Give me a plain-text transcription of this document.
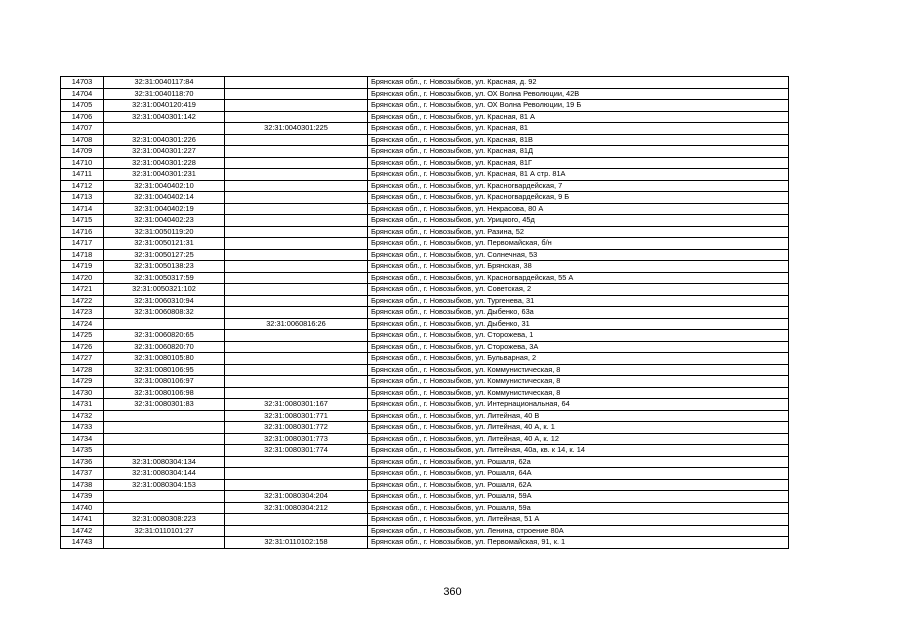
14703	32:31:0040117:84		Брянская обл., г. Новозыбков, ул. Красная, д. 92
14704	32:31:0040118:70		Брянская обл., г. Новозыбков, ул. ОХ Волна Революции, 42В
14705	32:31:0040120:419		Брянская обл., г. Новозыбков, ул. ОХ Волна Революции, 19 Б
14706	32:31:0040301:142		Брянская обл., г. Новозыбков, ул. Красная, 81 А
14707		32:31:0040301:225	Брянская обл., г. Новозыбков, ул. Красная, 81
14708	32:31:0040301:226		Брянская обл., г. Новозыбков, ул. Красная, 81В
14709	32:31:0040301:227		Брянская обл., г. Новозыбков, ул. Красная, 81Д
14710	32:31:0040301:228		Брянская обл., г. Новозыбков, ул. Красная, 81Г
14711	32:31:0040301:231		Брянская обл., г. Новозыбков, ул. Красная, 81 А стр. 81А
14712	32:31:0040402:10		Брянская обл., г. Новозыбков, ул. Красногвардейская, 7
14713	32:31:0040402:14		Брянская обл., г. Новозыбков, ул. Красногвардейская, 9 Б
14714	32:31:0040402:19		Брянская обл., г. Новозыбков, ул. Некрасова, 80 А
14715	32:31:0040402:23		Брянская обл., г. Новозыбков, ул. Урицкого, 45д
14716	32:31:0050119:20		Брянская обл., г. Новозыбков, ул. Разина, 52
14717	32:31:0050121:31		Брянская обл., г. Новозыбков, ул. Первомайская, б/н
14718	32:31:0050127:25		Брянская обл., г. Новозыбков, ул. Солнечная, 53
14719	32:31:0050138:23		Брянская обл., г. Новозыбков, ул. Брянская, 38
14720	32:31:0050317:59		Брянская обл., г. Новозыбков, ул. Красногвардейская, 55 А
14721	32:31:0050321:102		Брянская обл., г. Новозыбков, ул. Советская, 2
14722	32:31:0060310:94		Брянская обл., г. Новозыбков, ул. Тургенева, 31
14723	32:31:0060808:32		Брянская обл., г. Новозыбков, ул. Дыбенко, 63а
14724		32:31:0060816:26	Брянская обл., г. Новозыбков, ул. Дыбенко, 31
14725	32:31:0060820:65		Брянская обл., г. Новозыбков, ул. Сторожева, 1
14726	32:31:0060820:70		Брянская обл., г. Новозыбков, ул. Сторожева, 3А
14727	32:31:0080105:80		Брянская обл., г. Новозыбков, ул. Бульварная, 2
14728	32:31:0080106:95		Брянская обл., г. Новозыбков, ул. Коммунистическая, 8
14729	32:31:0080106:97		Брянская обл., г. Новозыбков, ул. Коммунистическая, 8
14730	32:31:0080106:98		Брянская обл., г. Новозыбков, ул. Коммунистическая, 8
14731	32:31:0080301:83	32:31:0080301:167	Брянская обл., г. Новозыбков, ул. Интернациональная, 64
14732		32:31:0080301:771	Брянская обл., г. Новозыбков, ул. Литейная, 40 В
14733		32:31:0080301:772	Брянская обл., г. Новозыбков, ул. Литейная, 40 А, к. 1
14734		32:31:0080301:773	Брянская обл., г. Новозыбков, ул. Литейная, 40 А, к. 12
14735		32:31:0080301:774	Брянская обл., г. Новозыбков, ул. Литейная, 40а, кв. к 14, к. 14
14736	32:31:0080304:134		Брянская обл., г. Новозыбков, ул. Рошаля, 62а
14737	32:31:0080304:144		Брянская обл., г. Новозыбков, ул. Рошаля, 64А
14738	32:31:0080304:153		Брянская обл., г. Новозыбков, ул. Рошаля, 62А
14739		32:31:0080304:204	Брянская обл., г. Новозыбков, ул. Рошаля, 59А
14740		32:31:0080304:212	Брянская обл., г. Новозыбков, ул. Рошаля, 59а
14741	32:31:0080308:223		Брянская обл., г. Новозыбков, ул. Литейная, 51 А
14742	32:31:0110101:27		Брянская обл., г. Новозыбков, ул. Ленина, строение 80А
14743		32:31:0110102:158	Брянская обл., г. Новозыбков, ул. Первомайская, 91, к. 1
360
